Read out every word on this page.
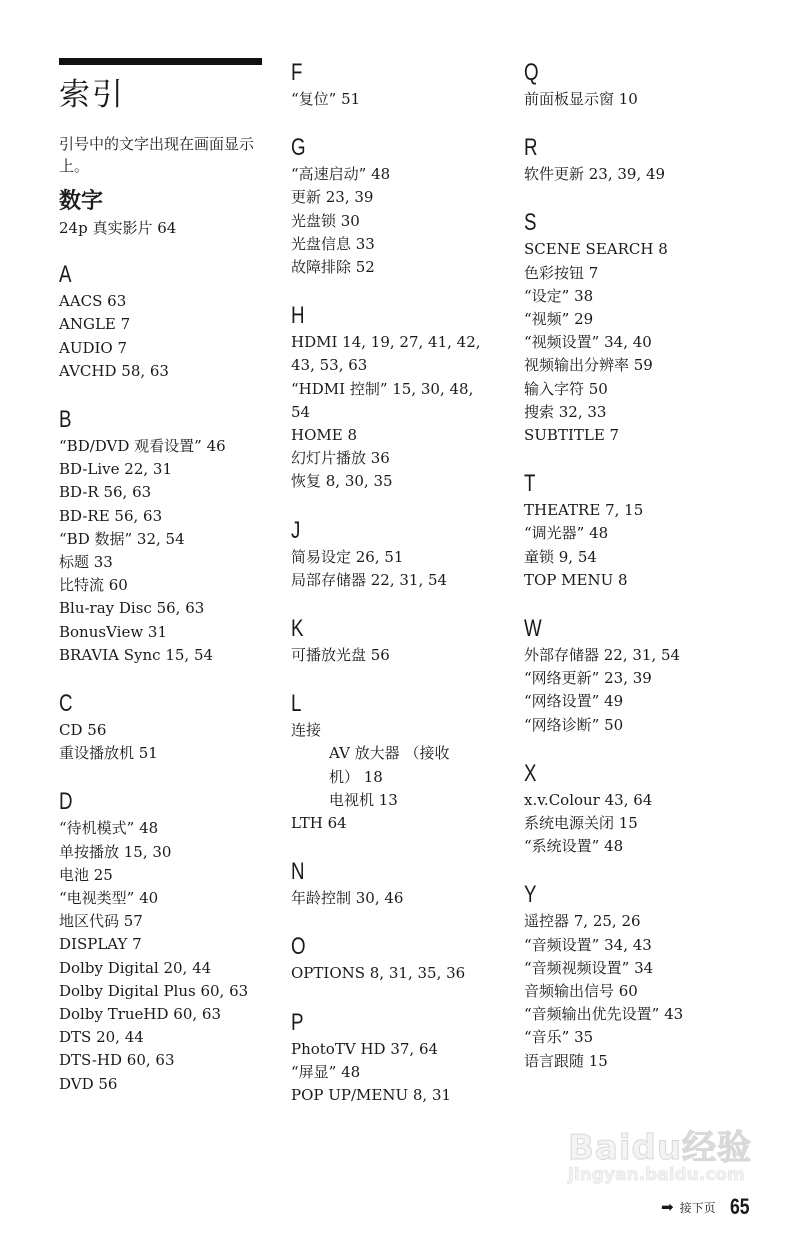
索引

引号中的文字出现在画面显示上。

数字

24p 真实影片 64

A

AACS 63

ANGLE 7

AUDIO 7

AVCHD 58, 63

B

“BD/DVD 观看设置” 46

BD-Live 22, 31

BD-R 56, 63

BD-RE 56, 63

“BD 数据” 32, 54

标题 33

比特流 60

Blu-ray Disc 56, 63

BonusView 31

BRAVIA Sync 15, 54

C

CD 56

重设播放机 51

D

“待机模式” 48

单按播放 15, 30

电池 25

“电视类型” 40

地区代码 57

DISPLAY 7

Dolby Digital 20, 44

Dolby Digital Plus 60, 63

Dolby TrueHD 60, 63

DTS 20, 44

DTS-HD 60, 63

DVD 56

F

“复位” 51

G

“高速启动” 48

更新 23, 39

光盘锁 30

光盘信息 33

故障排除 52

H

HDMI 14, 19, 27, 41, 42, 43, 53, 63

“HDMI 控制” 15, 30, 48, 54

HOME 8

幻灯片播放 36

恢复 8, 30, 35

J

简易设定 26, 51

局部存储器 22, 31, 54

K

可播放光盘 56

L

连接

AV 放大器 （接收机） 18

电视机 13

LTH 64

N

年龄控制 30, 46

O

OPTIONS 8, 31, 35, 36

P

PhotoTV HD 37, 64

“屏显” 48

POP UP/MENU 8, 31

Q

前面板显示窗 10

R

软件更新 23, 39, 49

S

SCENE SEARCH 8

色彩按钮 7

“设定” 38

“视频” 29

“视频设置” 34, 40

视频输出分辨率 59

输入字符 50

搜索 32, 33

SUBTITLE 7

T

THEATRE 7, 15

“调光器” 48

童锁 9, 54

TOP MENU 8

W

外部存储器 22, 31, 54

“网络更新” 23, 39

“网络设置” 49

“网络诊断” 50

X

x.v.Colour 43, 64

系统电源关闭 15

“系统设置” 48

Y

遥控器 7, 25, 26

“音频设置” 34, 43

“音频视频设置” 34

音频输出信号 60

“音频输出优先设置” 43

“音乐” 35

语言跟随 15

Baidu经验
jingyan.baidu.com
➡ 接下页 65
